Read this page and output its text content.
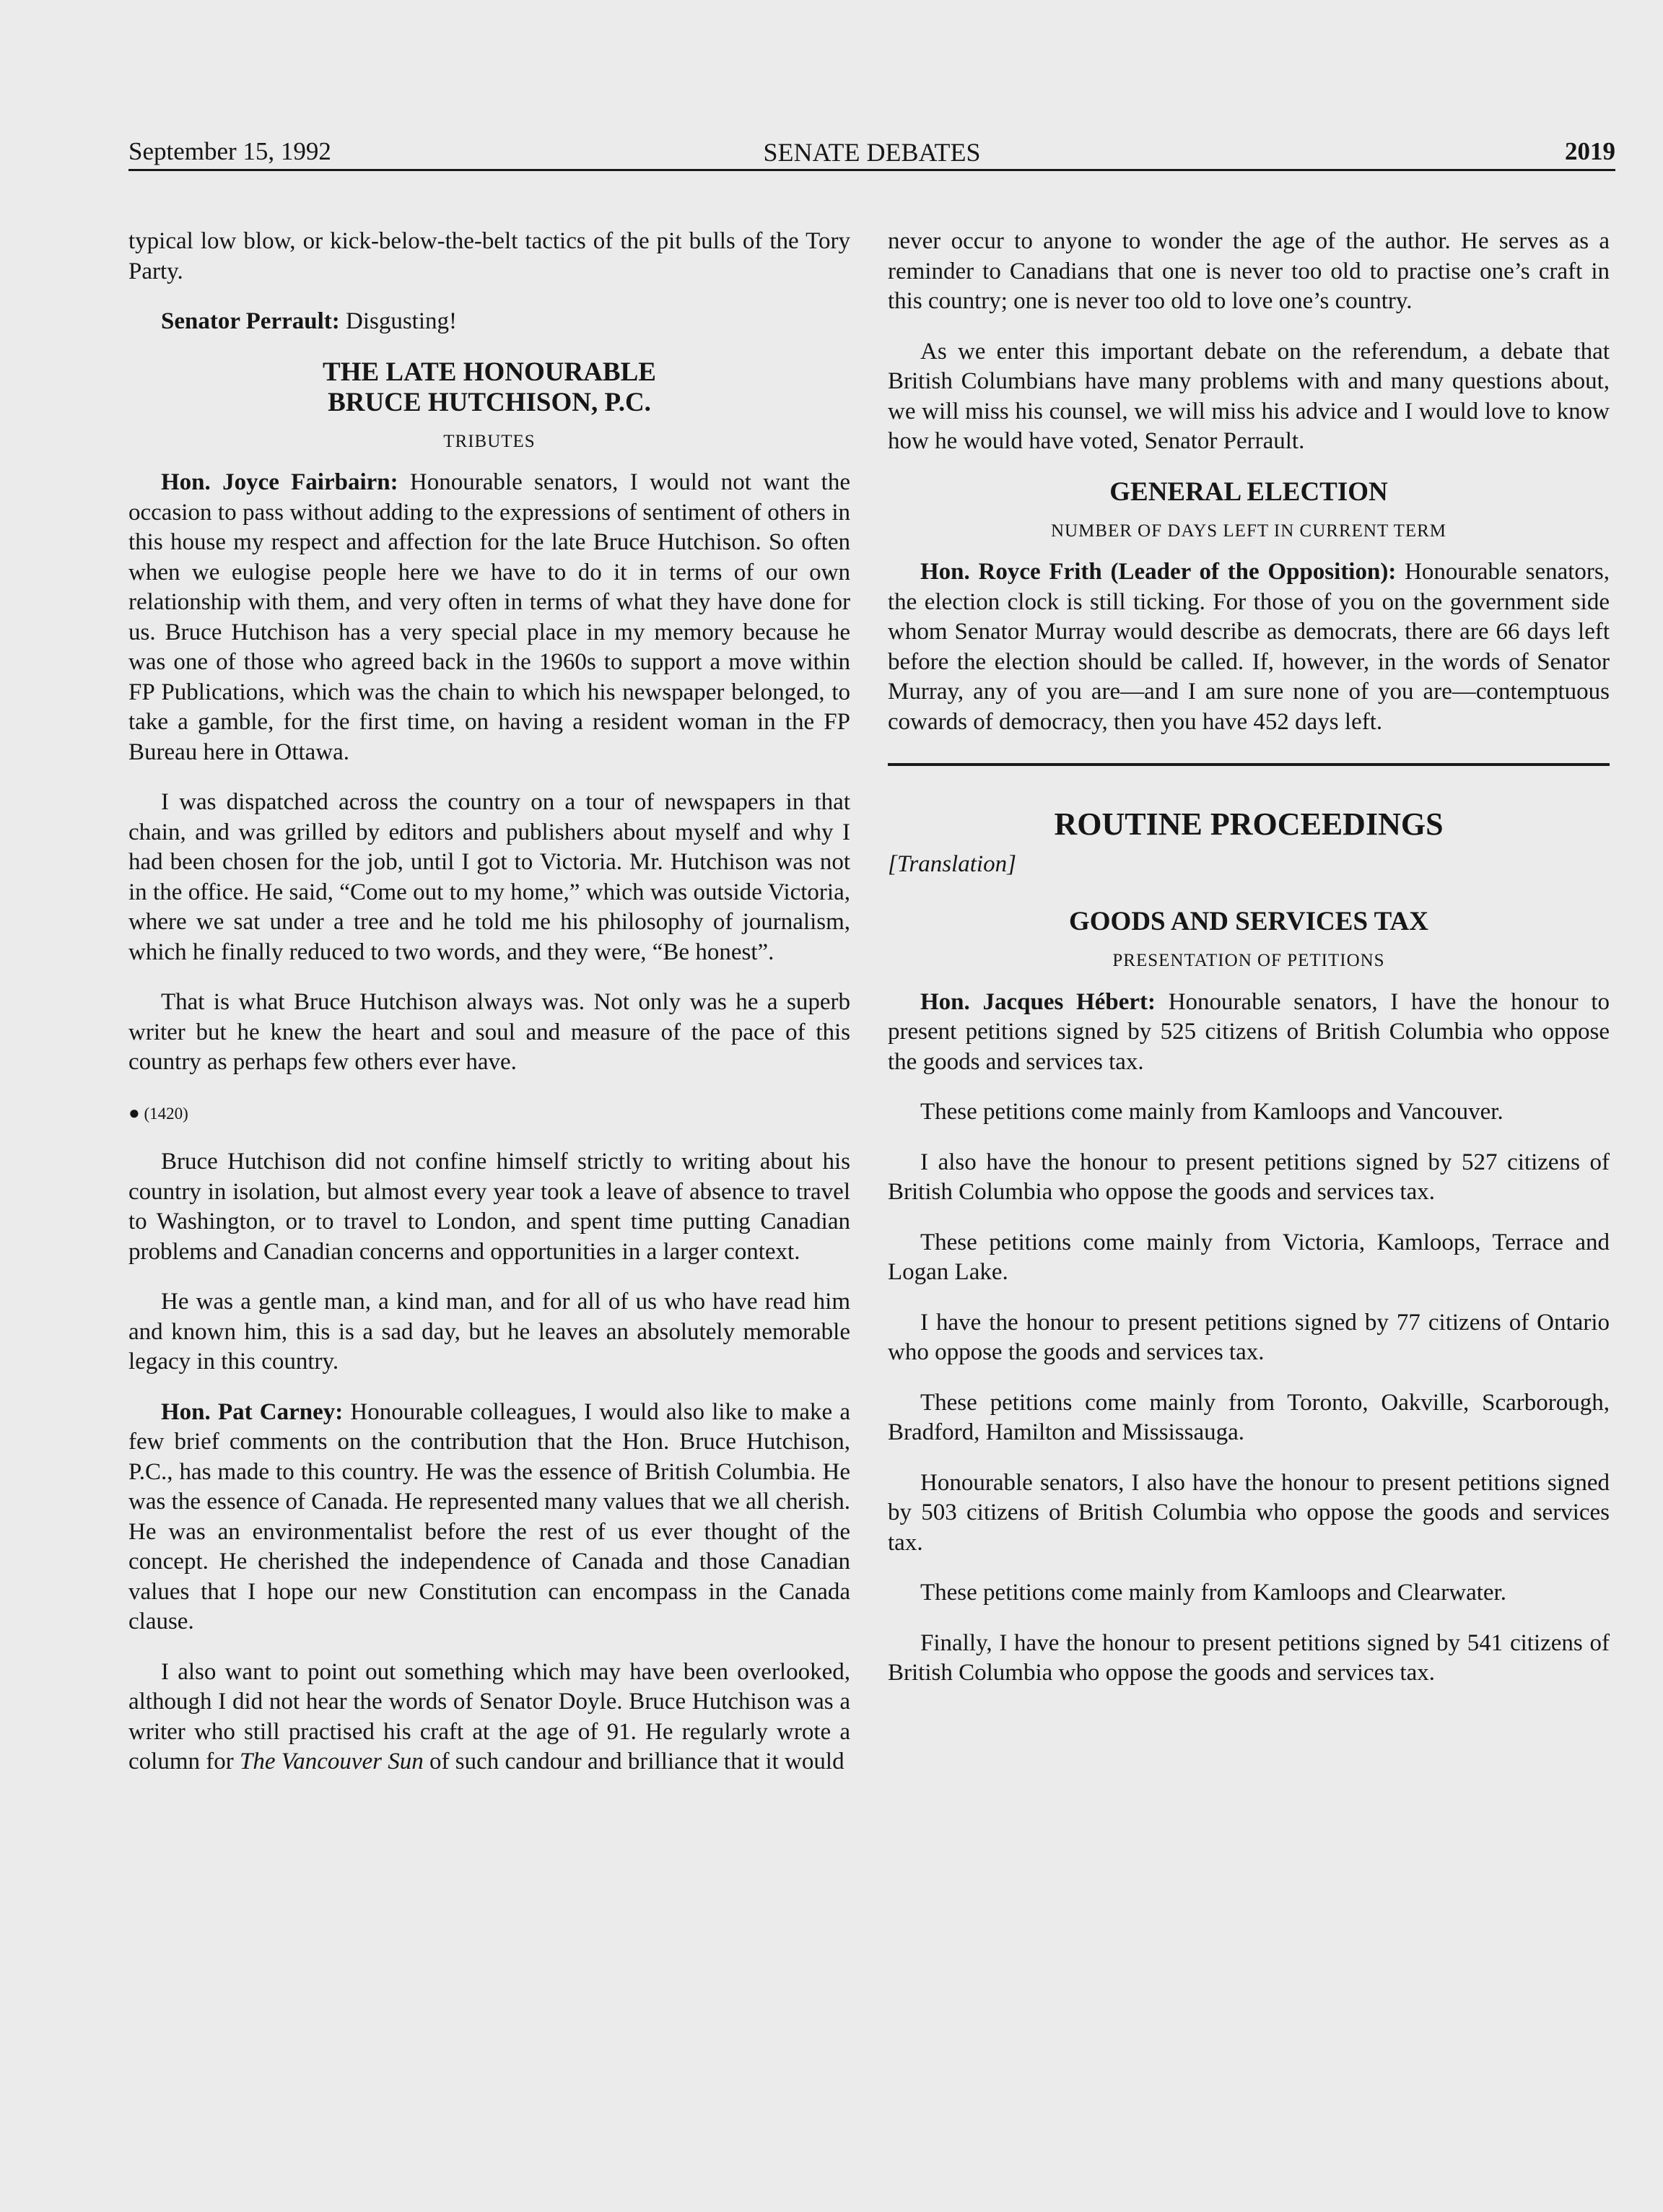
September 15, 1992	SENATE DEBATES	2019

typical low blow, or kick-below-the-belt tactics of the pit bulls of the Tory Party.

Senator Perrault: Disgusting!

THE LATE HONOURABLE
BRUCE HUTCHISON, P.C.
TRIBUTES

Hon. Joyce Fairbairn: Honourable senators, I would not want the occasion to pass without adding to the expressions of sentiment of others in this house my respect and affection for the late Bruce Hutchison. So often when we eulogise people here we have to do it in terms of our own relationship with them, and very often in terms of what they have done for us. Bruce Hutchison has a very special place in my memory because he was one of those who agreed back in the 1960s to support a move within FP Publications, which was the chain to which his newspaper belonged, to take a gamble, for the first time, on having a resident woman in the FP Bureau here in Ottawa.

I was dispatched across the country on a tour of newspapers in that chain, and was grilled by editors and publishers about myself and why I had been chosen for the job, until I got to Victoria. Mr. Hutchison was not in the office. He said, “Come out to my home,” which was outside Victoria, where we sat under a tree and he told me his philosophy of journalism, which he finally reduced to two words, and they were, “Be honest”.

That is what Bruce Hutchison always was. Not only was he a superb writer but he knew the heart and soul and measure of the pace of this country as perhaps few others ever have.

● (1420)

Bruce Hutchison did not confine himself strictly to writing about his country in isolation, but almost every year took a leave of absence to travel to Washington, or to travel to London, and spent time putting Canadian problems and Canadian concerns and opportunities in a larger context.

He was a gentle man, a kind man, and for all of us who have read him and known him, this is a sad day, but he leaves an absolutely memorable legacy in this country.

Hon. Pat Carney: Honourable colleagues, I would also like to make a few brief comments on the contribution that the Hon. Bruce Hutchison, P.C., has made to this country. He was the essence of British Columbia. He was the essence of Canada. He represented many values that we all cherish. He was an environmentalist before the rest of us ever thought of the concept. He cherished the independence of Canada and those Canadian values that I hope our new Constitution can encompass in the Canada clause.

I also want to point out something which may have been overlooked, although I did not hear the words of Senator Doyle. Bruce Hutchison was a writer who still practised his craft at the age of 91. He regularly wrote a column for The Vancouver Sun of such candour and brilliance that it would

never occur to anyone to wonder the age of the author. He serves as a reminder to Canadians that one is never too old to practise one’s craft in this country; one is never too old to love one’s country.

As we enter this important debate on the referendum, a debate that British Columbians have many problems with and many questions about, we will miss his counsel, we will miss his advice and I would love to know how he would have voted, Senator Perrault.

GENERAL ELECTION
NUMBER OF DAYS LEFT IN CURRENT TERM

Hon. Royce Frith (Leader of the Opposition): Honourable senators, the election clock is still ticking. For those of you on the government side whom Senator Murray would describe as democrats, there are 66 days left before the election should be called. If, however, in the words of Senator Murray, any of you are—and I am sure none of you are—contemptuous cowards of democracy, then you have 452 days left.

ROUTINE PROCEEDINGS
[Translation]
GOODS AND SERVICES TAX
PRESENTATION OF PETITIONS

Hon. Jacques Hébert: Honourable senators, I have the honour to present petitions signed by 525 citizens of British Columbia who oppose the goods and services tax.

These petitions come mainly from Kamloops and Vancouver.

I also have the honour to present petitions signed by 527 citizens of British Columbia who oppose the goods and services tax.

These petitions come mainly from Victoria, Kamloops, Terrace and Logan Lake.

I have the honour to present petitions signed by 77 citizens of Ontario who oppose the goods and services tax.

These petitions come mainly from Toronto, Oakville, Scarborough, Bradford, Hamilton and Mississauga.

Honourable senators, I also have the honour to present petitions signed by 503 citizens of British Columbia who oppose the goods and services tax.

These petitions come mainly from Kamloops and Clearwater.

Finally, I have the honour to present petitions signed by 541 citizens of British Columbia who oppose the goods and services tax.
